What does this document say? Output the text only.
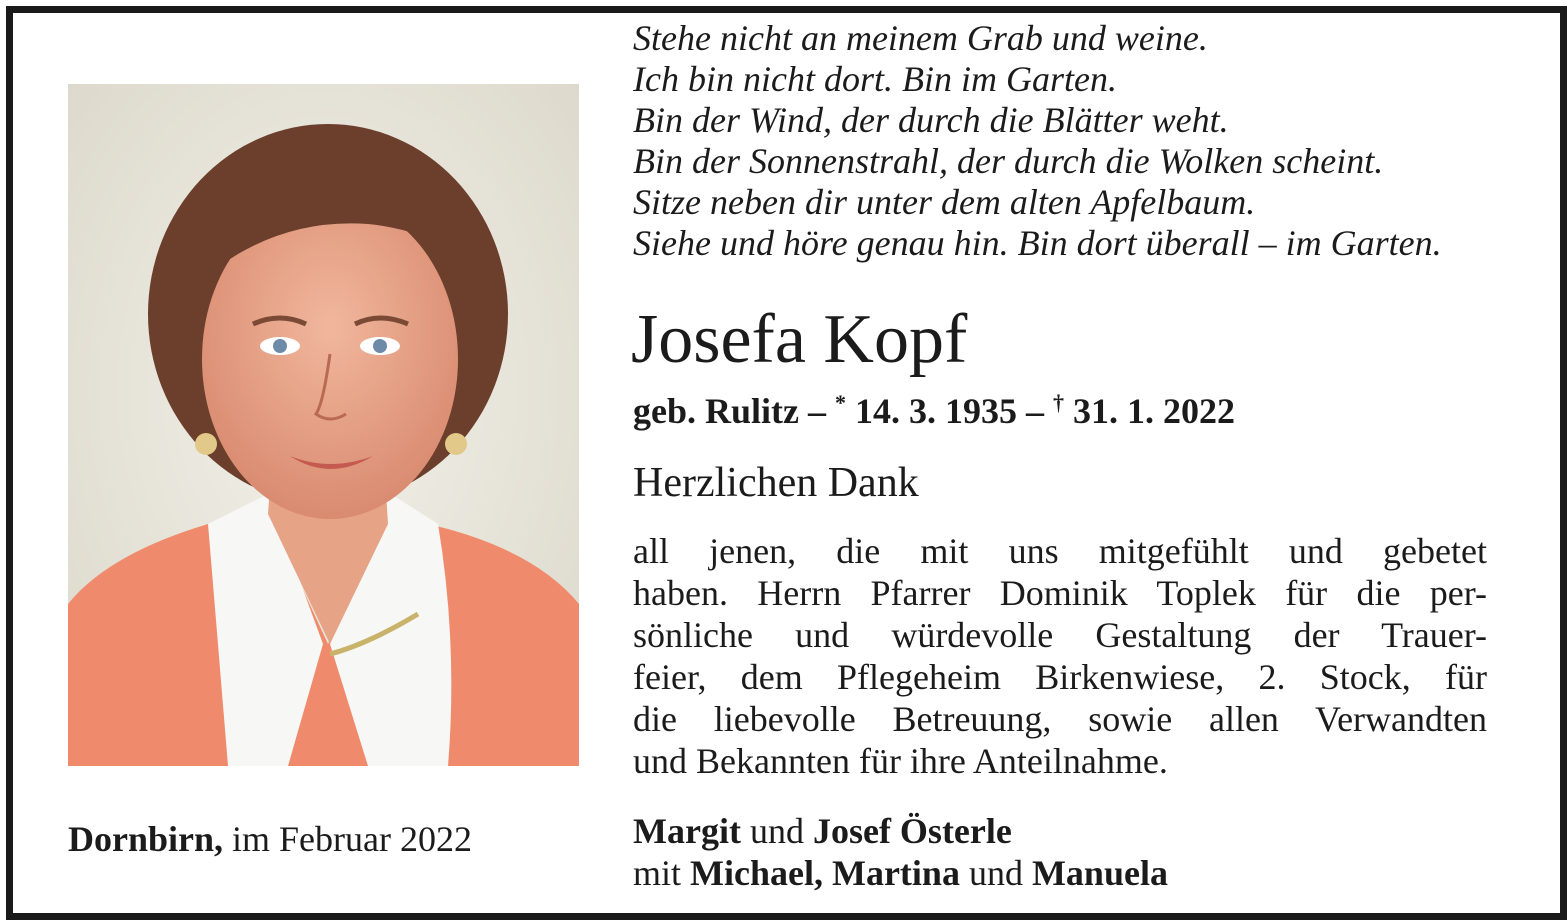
Stehe nicht an meinem Grab und weine.
Ich bin nicht dort. Bin im Garten.
Bin der Wind, der durch die Blätter weht.
Bin der Sonnenstrahl, der durch die Wolken scheint.
Sitze neben dir unter dem alten Apfelbaum.
Siehe und höre genau hin. Bin dort überall – im Garten.
Josefa Kopf
geb. Rulitz – * 14. 3. 1935 – † 31. 1. 2022
Herzlichen Dank
all jenen, die mit uns mitgefühlt und gebetet
haben. Herrn Pfarrer Dominik Toplek für die per-
sönliche und würdevolle Gestaltung der Trauer-
feier, dem Pflegeheim Birkenwiese, 2. Stock, für
die liebevolle Betreuung, sowie allen Verwandten
und Bekannten für ihre Anteilnahme.
Dornbirn, im Februar 2022	Margit und Josef Österle
mit Michael, Martina und Manuela
